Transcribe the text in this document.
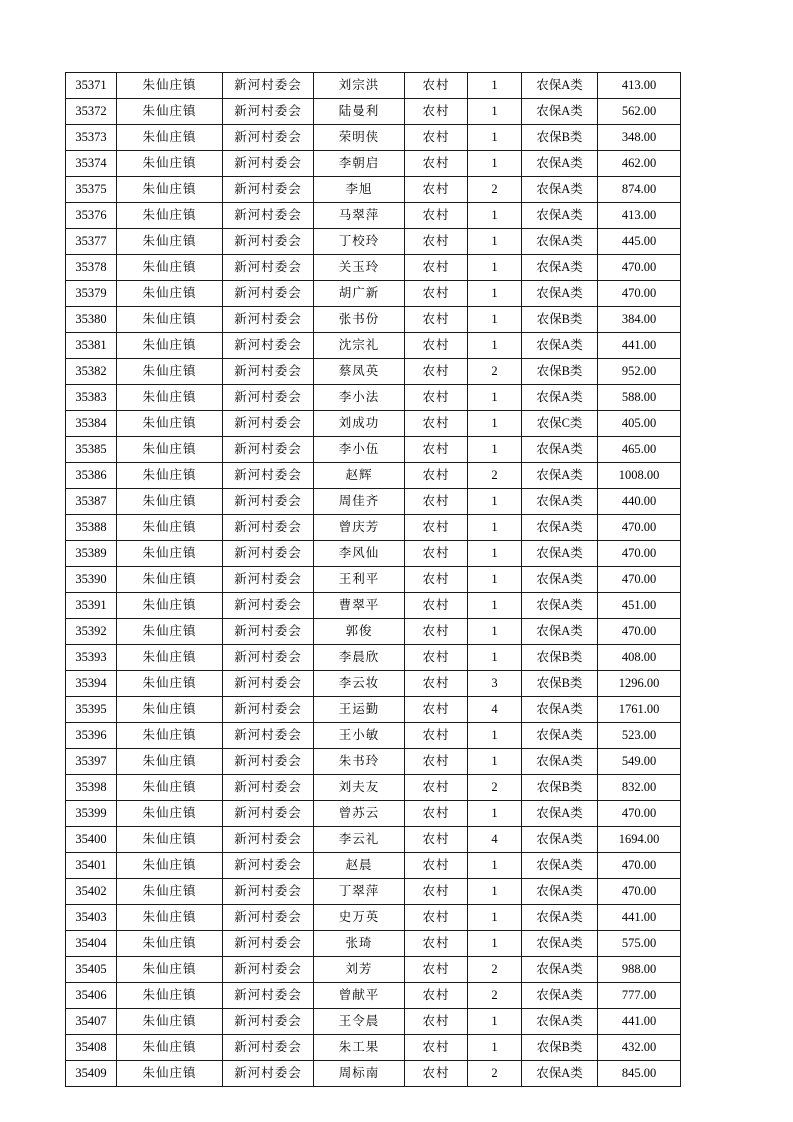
35371	朱仙庄镇	新河村委会	刘宗洪	农村	1	农保A类	413.00
35372	朱仙庄镇	新河村委会	陆曼利	农村	1	农保A类	562.00
35373	朱仙庄镇	新河村委会	荣明侠	农村	1	农保B类	348.00
35374	朱仙庄镇	新河村委会	李朝启	农村	1	农保A类	462.00
35375	朱仙庄镇	新河村委会	李旭	农村	2	农保A类	874.00
35376	朱仙庄镇	新河村委会	马翠萍	农村	1	农保A类	413.00
35377	朱仙庄镇	新河村委会	丁校玲	农村	1	农保A类	445.00
35378	朱仙庄镇	新河村委会	关玉玲	农村	1	农保A类	470.00
35379	朱仙庄镇	新河村委会	胡广新	农村	1	农保A类	470.00
35380	朱仙庄镇	新河村委会	张书份	农村	1	农保B类	384.00
35381	朱仙庄镇	新河村委会	沈宗礼	农村	1	农保A类	441.00
35382	朱仙庄镇	新河村委会	蔡凤英	农村	2	农保B类	952.00
35383	朱仙庄镇	新河村委会	李小法	农村	1	农保A类	588.00
35384	朱仙庄镇	新河村委会	刘成功	农村	1	农保C类	405.00
35385	朱仙庄镇	新河村委会	李小伍	农村	1	农保A类	465.00
35386	朱仙庄镇	新河村委会	赵辉	农村	2	农保A类	1008.00
35387	朱仙庄镇	新河村委会	周佳齐	农村	1	农保A类	440.00
35388	朱仙庄镇	新河村委会	曾庆芳	农村	1	农保A类	470.00
35389	朱仙庄镇	新河村委会	李风仙	农村	1	农保A类	470.00
35390	朱仙庄镇	新河村委会	王利平	农村	1	农保A类	470.00
35391	朱仙庄镇	新河村委会	曹翠平	农村	1	农保A类	451.00
35392	朱仙庄镇	新河村委会	郭俊	农村	1	农保A类	470.00
35393	朱仙庄镇	新河村委会	李晨欣	农村	1	农保B类	408.00
35394	朱仙庄镇	新河村委会	李云妆	农村	3	农保B类	1296.00
35395	朱仙庄镇	新河村委会	王运勤	农村	4	农保A类	1761.00
35396	朱仙庄镇	新河村委会	王小敏	农村	1	农保A类	523.00
35397	朱仙庄镇	新河村委会	朱书玲	农村	1	农保A类	549.00
35398	朱仙庄镇	新河村委会	刘夫友	农村	2	农保B类	832.00
35399	朱仙庄镇	新河村委会	曾苏云	农村	1	农保A类	470.00
35400	朱仙庄镇	新河村委会	李云礼	农村	4	农保A类	1694.00
35401	朱仙庄镇	新河村委会	赵晨	农村	1	农保A类	470.00
35402	朱仙庄镇	新河村委会	丁翠萍	农村	1	农保A类	470.00
35403	朱仙庄镇	新河村委会	史万英	农村	1	农保A类	441.00
35404	朱仙庄镇	新河村委会	张琦	农村	1	农保A类	575.00
35405	朱仙庄镇	新河村委会	刘芳	农村	2	农保A类	988.00
35406	朱仙庄镇	新河村委会	曾献平	农村	2	农保A类	777.00
35407	朱仙庄镇	新河村委会	王令晨	农村	1	农保A类	441.00
35408	朱仙庄镇	新河村委会	朱工果	农村	1	农保B类	432.00
35409	朱仙庄镇	新河村委会	周标南	农村	2	农保A类	845.00
